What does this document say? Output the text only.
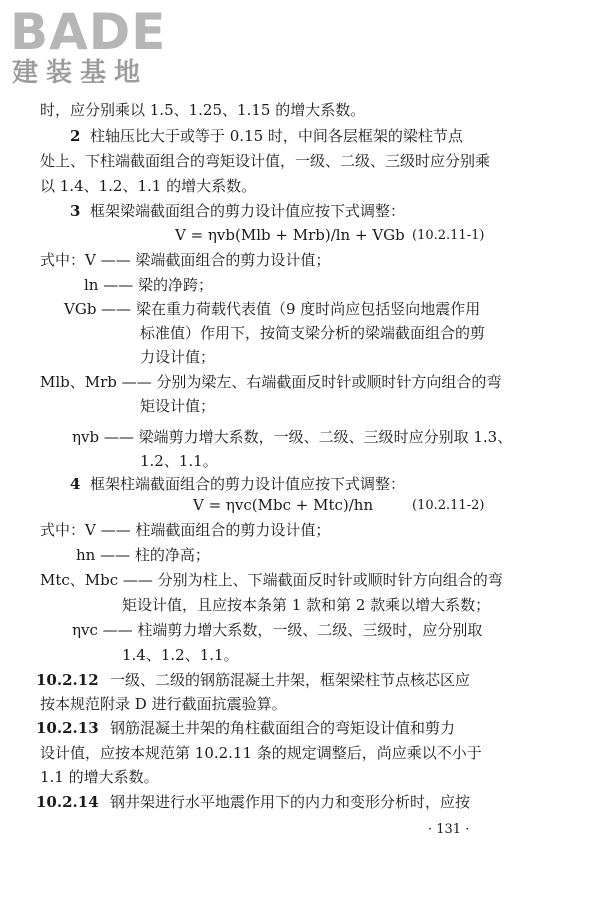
BADE
建装基地
时，应分别乘以 1.5、1.25、1.15 的增大系数。
2 柱轴压比大于或等于 0.15 时，中间各层框架的梁柱节点
处上、下柱端截面组合的弯矩设计值，一级、二级、三级时应分别乘
以 1.4、1.2、1.1 的增大系数。
3 框架梁端截面组合的剪力设计值应按下式调整：
V = ηvb(Mlb + Mrb)/ln + VGb (10.2.11-1)
式中：V —— 梁端截面组合的剪力设计值；
ln —— 梁的净跨；
VGb —— 梁在重力荷载代表值（9 度时尚应包括竖向地震作用
标准值）作用下，按简支梁分析的梁端截面组合的剪
力设计值；
Mlb、Mrb —— 分别为梁左、右端截面反时针或顺时针方向组合的弯
矩设计值；
ηvb —— 梁端剪力增大系数，一级、二级、三级时应分别取 1.3、
1.2、1.1。
4 框架柱端截面组合的剪力设计值应按下式调整：
V = ηvc(Mbc + Mtc)/hn	(10.2.11-2)
式中：V —— 柱端截面组合的剪力设计值；
hn —— 柱的净高；
Mtc、Mbc —— 分别为柱上、下端截面反时针或顺时针方向组合的弯
矩设计值，且应按本条第 1 款和第 2 款乘以增大系数；
ηvc —— 柱端剪力增大系数，一级、二级、三级时，应分别取
1.4、1.2、1.1。
10.2.12 一级、二级的钢筋混凝土井架，框架梁柱节点核芯区应
按本规范附录 D 进行截面抗震验算。
10.2.13 钢筋混凝土井架的角柱截面组合的弯矩设计值和剪力
设计值，应按本规范第 10.2.11 条的规定调整后，尚应乘以不小于
1.1 的增大系数。
10.2.14 钢井架进行水平地震作用下的内力和变形分析时，应按
· 131 ·
